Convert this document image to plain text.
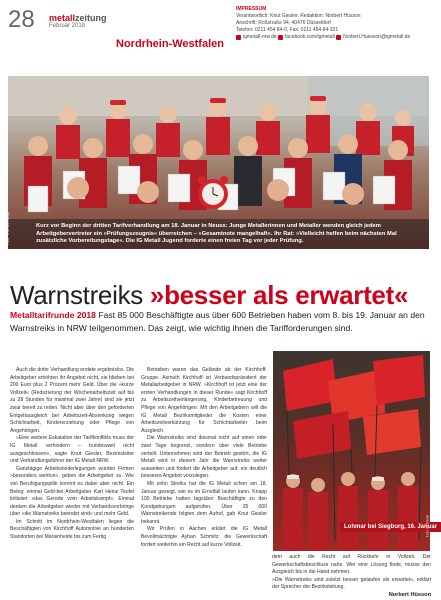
28 metallzeitung
Februar 2018
Nordrhein-Westfalen
IMPRESSUM
Verantwortlich: Knut Giesler, Redaktion: Norbert Hüsson
Anschrift: Roßstraße 94, 40476 Düsseldorf
Telefon: 0211 454 84-0, Fax: 0211 454 84-101
igmetall-nrw.de
facebook.com/igmetall
Norbert.Huesson@igmetall.de
Kurz vor Beginn der dritten Tarifverhandlung am 18. Januar in Neuss: Junge Metallerinnen und Metaller wenden gleich jedem Arbeitgebervertreter ein »Prüfungszeugnis« überreichen – »Gesamtnote mangelhaft«. Ihr Rat: »Vielleicht helfen beim nächsten Mal zusätzliche Vorbereitungstage«. Die IG Metall Jugend forderte einen freien Tag vor jeder Prüfung.
Foto: Thomas Range
Warnstreiks »besser als erwartet«
Metalltarifrunde 2018 Fast 85 000 Beschäftigte aus über 600 Betrieben haben vom 8. bis 19. Januar an den Warnstreiks in NRW teilgenommen. Das zeigt, wie wichtig ihnen die Tarifforderungen sind.

Auch die dritte Verhandlung endete ergebnislos. Die Arbeitgeber erhöhten ihr Angebot nicht, sie blieben bei 200 Euro plus 2 Prozent mehr Geld. Über die »kurze Vollzeit« (Reduzierung der Wochenarbeitszeit auf bis zu 28 Stunden für maximal zwei Jahre) sind sie jetzt zwar bereit zu reden. Nicht aber über den geforderten Entgeltausgleich bei Arbeitszeit-Absenkung wegen Schichtarbeit, Kindererziehung oder Pflege von Angehörigen.

»Eine weitere Eskalation der Tarifkonflikts muss der IG Metall verhindern – bundesweit nicht ausgeschlossen«, sagte Knut Giesler, Bezirksleiter und Verhandlungsführer der IG Metall NRW.

Ganztägige Arbeitsniederlegungen würden Firmen »besonders wehtun«, geben die Arbeitgeber zu. Wie viel Beruhigungspille kommt es dabei aber nicht. Ein Beleg: einmal Geld-bei Arbeitgeber Karl Heinz Teufel kritisiert »das Gerede vom Arbeitskampf«. Einmal denken die Arbeitgeber wieder mit Verbandsvorbringe über »die Warnstreiks beendet sind« und mehr Geld.

Im Schnitt im Nordrhein-Westfalen liegen die Beschäftigten von Kirchhoff Automotive an hunderten Standorten bei Marienheide bis zum Fertig

Betrieben waren das Gelände ab der Kirchhoff-Gruppe. Asmuth Kirchhoff ist Verbandspräsident der Metallarbeitgeber in NRW. »Kirchhoff ist jetzt eine der ersten Verhandlungen in dieser Runde« sagt Kirchhoff zu Arbeitszeitverlängerung, Kinderbetreuung und Pflege von Angehörigen: Mit den Arbeitgebern will die IG Metall Bezirksmitglieder die Kosten einer Arbeitszeitverkürzung für Schichtarbeiter beim Ausgleich.

Die Warnstreiks sind diesmal nicht auf einen oder zwei Tage begrenzt, sondern über viele Betriebe verteilt. Unternehmen wird der Betrieb gestört, die IG Metall wird in diesem Jahr die Warnstreiks weiter ausweiten und fordert die Arbeitgeber auf, ein deutlich besseres Angebot vorzulegen.

Mit zehn Streiks hat die IG Metall schon am 18. Januar gezeigt, wie es im Ernstfall laufen kann. Knapp 100 Betriebe hatten tagsüber Beschäftigte zu den Kundgebungen aufgerufen. Über 35 000 Warnstreikende folgten dem Aufruf, gab Knut Giesler bekannt.

Wir Prüfen in Aachen erklärt die IG Metall Bevollmächtigte Ayhan Schmitz: die Gewerkschaft fordert weiterhin ein Recht auf kurze Vollzeit.

Lohmar bei Siegburg, 16. Januar
Foto: IG Metall

dem auch die Recht auf Rückkehr in Vollzeit. Der Gewerkschaftsbeschluss nahe. Wer eine Lösung finde, müsse den Ausgleich bis in die Hand nehmen.

»Die Warnstreiks sind zuletzt besser gelaufen als erwartet«, erklärt der Sprecher der Bezirksleitung.

Norbert Hüsson
